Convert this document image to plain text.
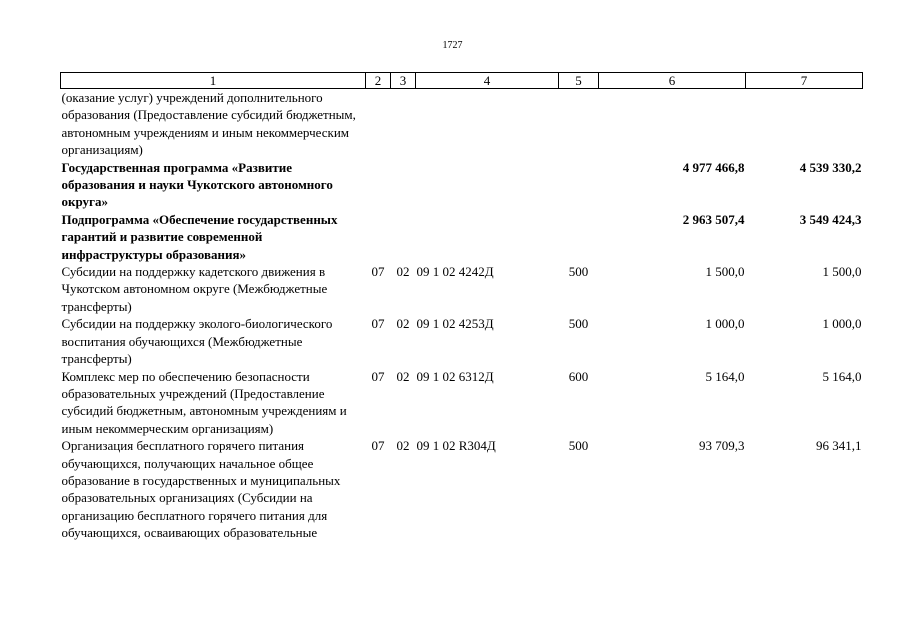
1727
1	2	3	4	5	6	7
(оказание услуг) учреждений дополнительного образования (Предоставление субсидий бюджетным, автономным учреждениям и иным некоммерческим организациям)						
Государственная программа «Развитие образования и науки Чукотского автономного округа»					4 977 466,8	4 539 330,2
Подпрограмма «Обеспечение государственных гарантий и развитие современной инфраструктуры образования»					2 963 507,4	3 549 424,3
Субсидии на поддержку кадетского движения в Чукотском автономном округе (Межбюджетные трансферты)	07	02	09 1 02 4242Д	500	1 500,0	1 500,0
Субсидии на поддержку эколого-биологического воспитания обучающихся (Межбюджетные трансферты)	07	02	09 1 02 4253Д	500	1 000,0	1 000,0
Комплекс мер по обеспечению безопасности образовательных учреждений (Предоставление субсидий бюджетным, автономным учреждениям и иным некоммерческим организациям)	07	02	09 1 02 6312Д	600	5 164,0	5 164,0
Организация бесплатного горячего питания обучающихся, получающих начальное общее образование в государственных и муниципальных образовательных организациях (Субсидии на организацию бесплатного горячего питания для обучающихся, осваивающих образовательные	07	02	09 1 02 R304Д	500	93 709,3	96 341,1
